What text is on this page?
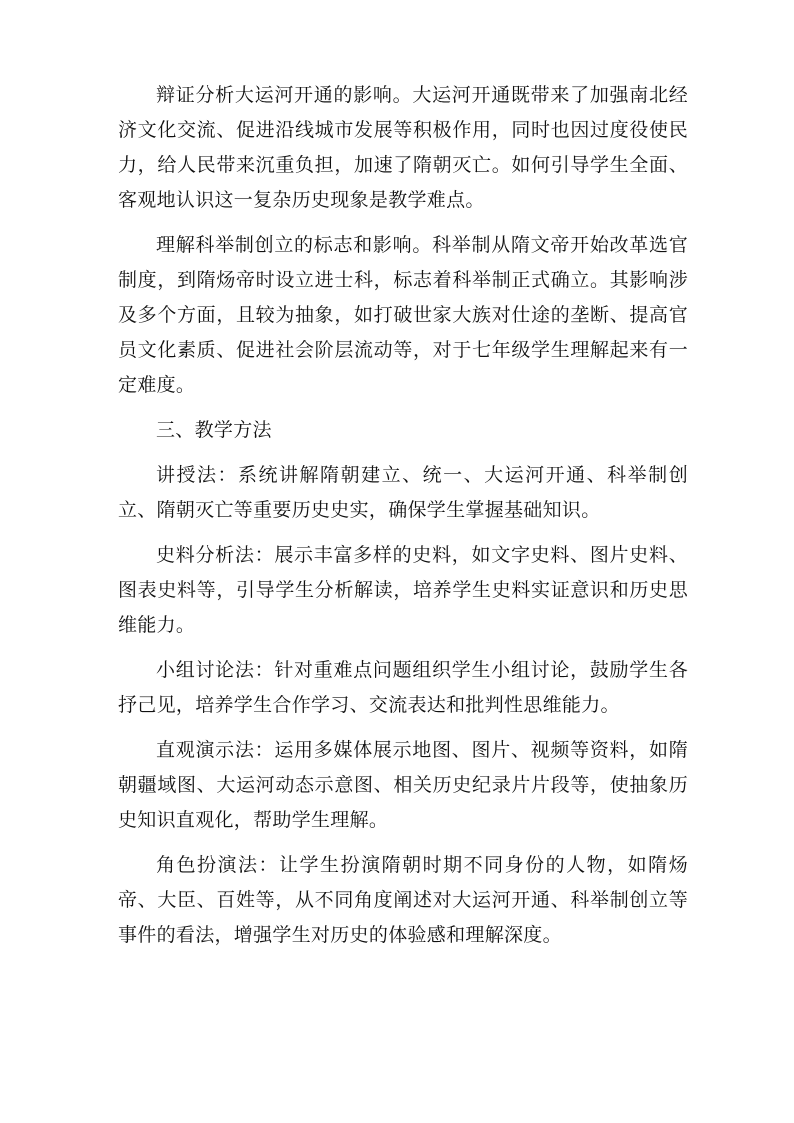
辩证分析大运河开通的影响。大运河开通既带来了加强南北经济文化交流、促进沿线城市发展等积极作用，同时也因过度役使民力，给人民带来沉重负担，加速了隋朝灭亡。如何引导学生全面、客观地认识这一复杂历史现象是教学难点。

理解科举制创立的标志和影响。科举制从隋文帝开始改革选官制度，到隋炀帝时设立进士科，标志着科举制正式确立。其影响涉及多个方面，且较为抽象，如打破世家大族对仕途的垄断、提高官员文化素质、促进社会阶层流动等，对于七年级学生理解起来有一定难度。

三、教学方法

讲授法：系统讲解隋朝建立、统一、大运河开通、科举制创立、隋朝灭亡等重要历史史实，确保学生掌握基础知识。

史料分析法：展示丰富多样的史料，如文字史料、图片史料、图表史料等，引导学生分析解读，培养学生史料实证意识和历史思维能力。

小组讨论法：针对重难点问题组织学生小组讨论，鼓励学生各抒己见，培养学生合作学习、交流表达和批判性思维能力。

直观演示法：运用多媒体展示地图、图片、视频等资料，如隋朝疆域图、大运河动态示意图、相关历史纪录片片段等，使抽象历史知识直观化，帮助学生理解。

角色扮演法：让学生扮演隋朝时期不同身份的人物，如隋炀帝、大臣、百姓等，从不同角度阐述对大运河开通、科举制创立等事件的看法，增强学生对历史的体验感和理解深度。
